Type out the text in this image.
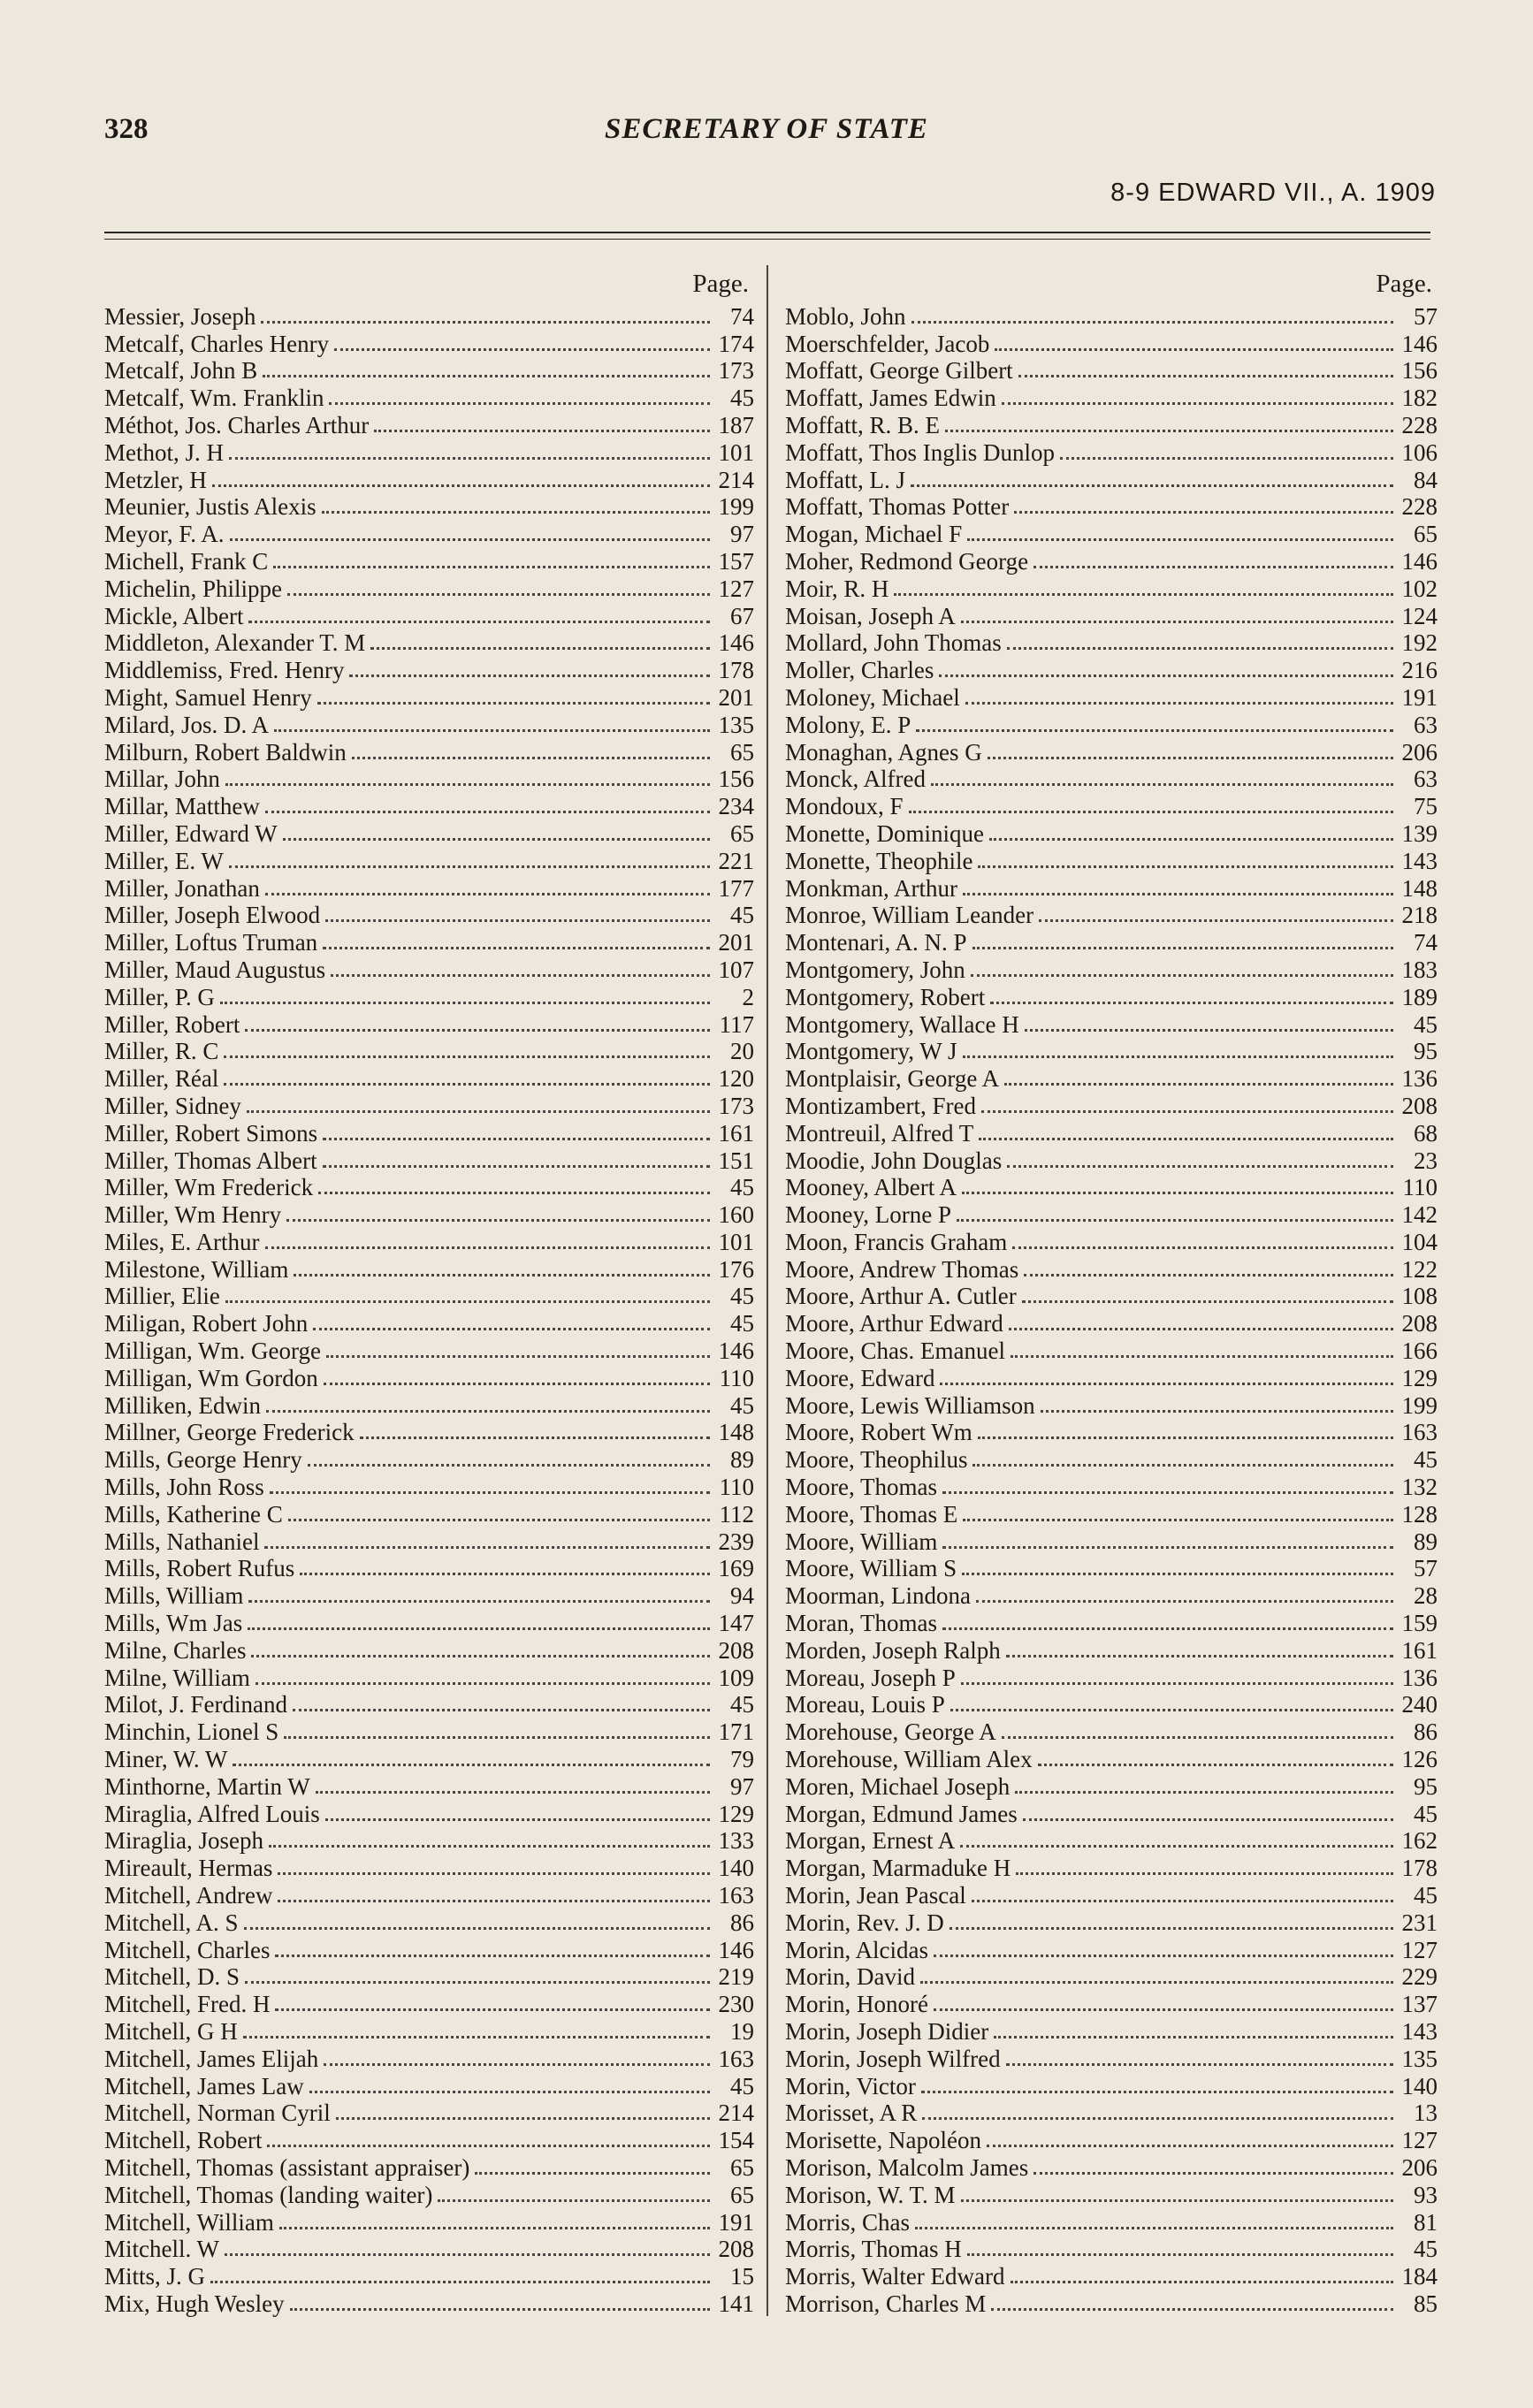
328	SECRETARY OF STATE
8-9 EDWARD VII., A. 1909
Page.
Messier, Joseph	74
Metcalf, Charles Henry	174
Metcalf, John B	173
Metcalf, Wm. Franklin	45
Méthot, Jos. Charles Arthur	187
Methot, J. H	101
Metzler, H	214
Meunier, Justis Alexis	199
Meyor, F. A.	97
Michell, Frank C	157
Michelin, Philippe	127
Mickle, Albert	67
Middleton, Alexander T. M	146
Middlemiss, Fred. Henry	178
Might, Samuel Henry	201
Milard, Jos. D. A	135
Milburn, Robert Baldwin	65
Millar, John	156
Millar, Matthew	234
Miller, Edward W	65
Miller, E. W	221
Miller, Jonathan	177
Miller, Joseph Elwood	45
Miller, Loftus Truman	201
Miller, Maud Augustus	107
Miller, P. G	2
Miller, Robert	117
Miller, R. C	20
Miller, Réal	120
Miller, Sidney	173
Miller, Robert Simons	161
Miller, Thomas Albert	151
Miller, Wm Frederick	45
Miller, Wm Henry	160
Miles, E. Arthur	101
Milestone, William	176
Millier, Elie	45
Miligan, Robert John	45
Milligan, Wm. George	146
Milligan, Wm Gordon	110
Milliken, Edwin	45
Millner, George Frederick	148
Mills, George Henry	89
Mills, John Ross	110
Mills, Katherine C	112
Mills, Nathaniel	239
Mills, Robert Rufus	169
Mills, William	94
Mills, Wm Jas	147
Milne, Charles	208
Milne, William	109
Milot, J. Ferdinand	45
Minchin, Lionel S	171
Miner, W. W	79
Minthorne, Martin W	97
Miraglia, Alfred Louis	129
Miraglia, Joseph	133
Mireault, Hermas	140
Mitchell, Andrew	163
Mitchell, A. S	86
Mitchell, Charles	146
Mitchell, D. S	219
Mitchell, Fred. H	230
Mitchell, G H	19
Mitchell, James Elijah	163
Mitchell, James Law	45
Mitchell, Norman Cyril	214
Mitchell, Robert	154
Mitchell, Thomas (assistant appraiser)	65
Mitchell, Thomas (landing waiter)	65
Mitchell, William	191
Mitchell. W	208
Mitts, J. G	15
Mix, Hugh Wesley	141
Page.
Moblo, John	57
Moerschfelder, Jacob	146
Moffatt, George Gilbert	156
Moffatt, James Edwin	182
Moffatt, R. B. E	228
Moffatt, Thos Inglis Dunlop	106
Moffatt, L. J	84
Moffatt, Thomas Potter	228
Mogan, Michael F	65
Moher, Redmond George	146
Moir, R. H	102
Moisan, Joseph A	124
Mollard, John Thomas	192
Moller, Charles	216
Moloney, Michael	191
Molony, E. P	63
Monaghan, Agnes G	206
Monck, Alfred	63
Mondoux, F	75
Monette, Dominique	139
Monette, Theophile	143
Monkman, Arthur	148
Monroe, William Leander	218
Montenari, A. N. P	74
Montgomery, John	183
Montgomery, Robert	189
Montgomery, Wallace H	45
Montgomery, W J	95
Montplaisir, George A	136
Montizambert, Fred	208
Montreuil, Alfred T	68
Moodie, John Douglas	23
Mooney, Albert A	110
Mooney, Lorne P	142
Moon, Francis Graham	104
Moore, Andrew Thomas	122
Moore, Arthur A. Cutler	108
Moore, Arthur Edward	208
Moore, Chas. Emanuel	166
Moore, Edward	129
Moore, Lewis Williamson	199
Moore, Robert Wm	163
Moore, Theophilus	45
Moore, Thomas	132
Moore, Thomas E	128
Moore, William	89
Moore, William S	57
Moorman, Lindona	28
Moran, Thomas	159
Morden, Joseph Ralph	161
Moreau, Joseph P	136
Moreau, Louis P	240
Morehouse, George A	86
Morehouse, William Alex	126
Moren, Michael Joseph	95
Morgan, Edmund James	45
Morgan, Ernest A	162
Morgan, Marmaduke H	178
Morin, Jean Pascal	45
Morin, Rev. J. D	231
Morin, Alcidas	127
Morin, David	229
Morin, Honoré	137
Morin, Joseph Didier	143
Morin, Joseph Wilfred	135
Morin, Victor	140
Morisset, A R	13
Morisette, Napoléon	127
Morison, Malcolm James	206
Morison, W. T. M	93
Morris, Chas	81
Morris, Thomas H	45
Morris, Walter Edward	184
Morrison, Charles M	85
